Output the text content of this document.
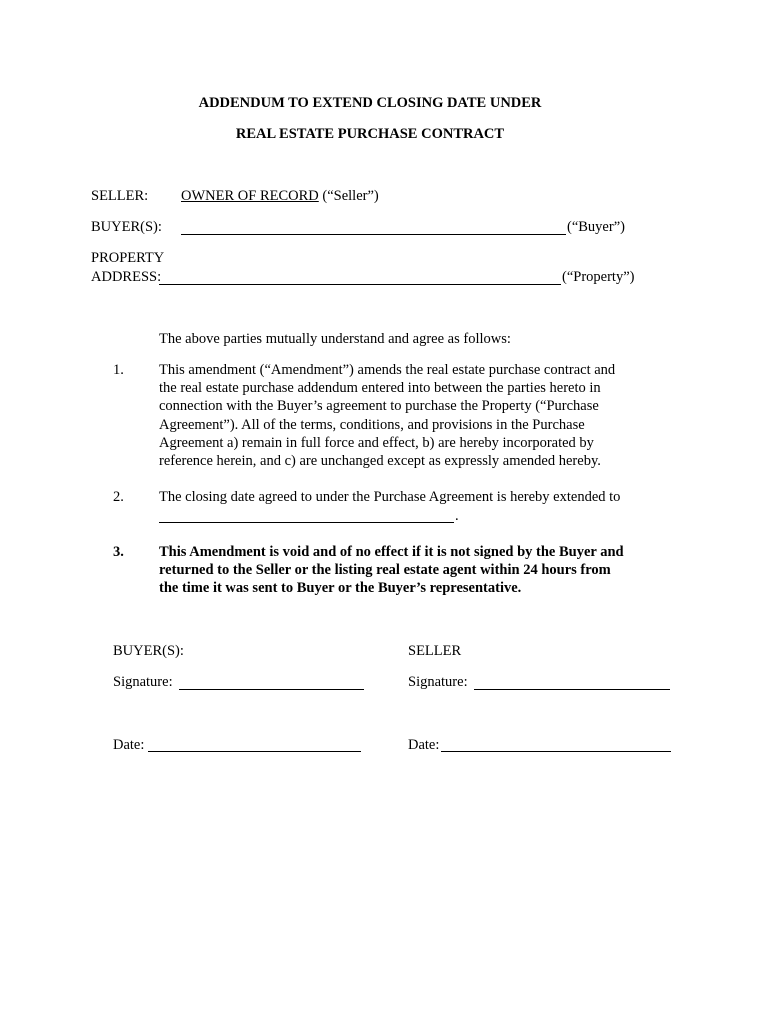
ADDENDUM TO EXTEND CLOSING DATE UNDER
REAL ESTATE PURCHASE CONTRACT
SELLER: OWNER OF RECORD (“Seller”)
BUYER(S):	(“Buyer”)
PROPERTY
ADDRESS:	(“Property”)
The above parties mutually understand and agree as follows:
1. This amendment (“Amendment”) amends the real estate purchase contract and
the real estate purchase addendum entered into between the parties hereto in
connection with the Buyer’s agreement to purchase the Property (“Purchase
Agreement”). All of the terms, conditions, and provisions in the Purchase
Agreement a) remain in full force and effect, b) are hereby incorporated by
reference herein, and c) are unchanged except as expressly amended hereby.
2. The closing date agreed to under the Purchase Agreement is hereby extended to
.
3. This Amendment is void and of no effect if it is not signed by the Buyer and
returned to the Seller or the listing real estate agent within 24 hours from
the time it was sent to Buyer or the Buyer’s representative.
BUYER(S):	SELLER
Signature:	Signature:
Date:	Date:
